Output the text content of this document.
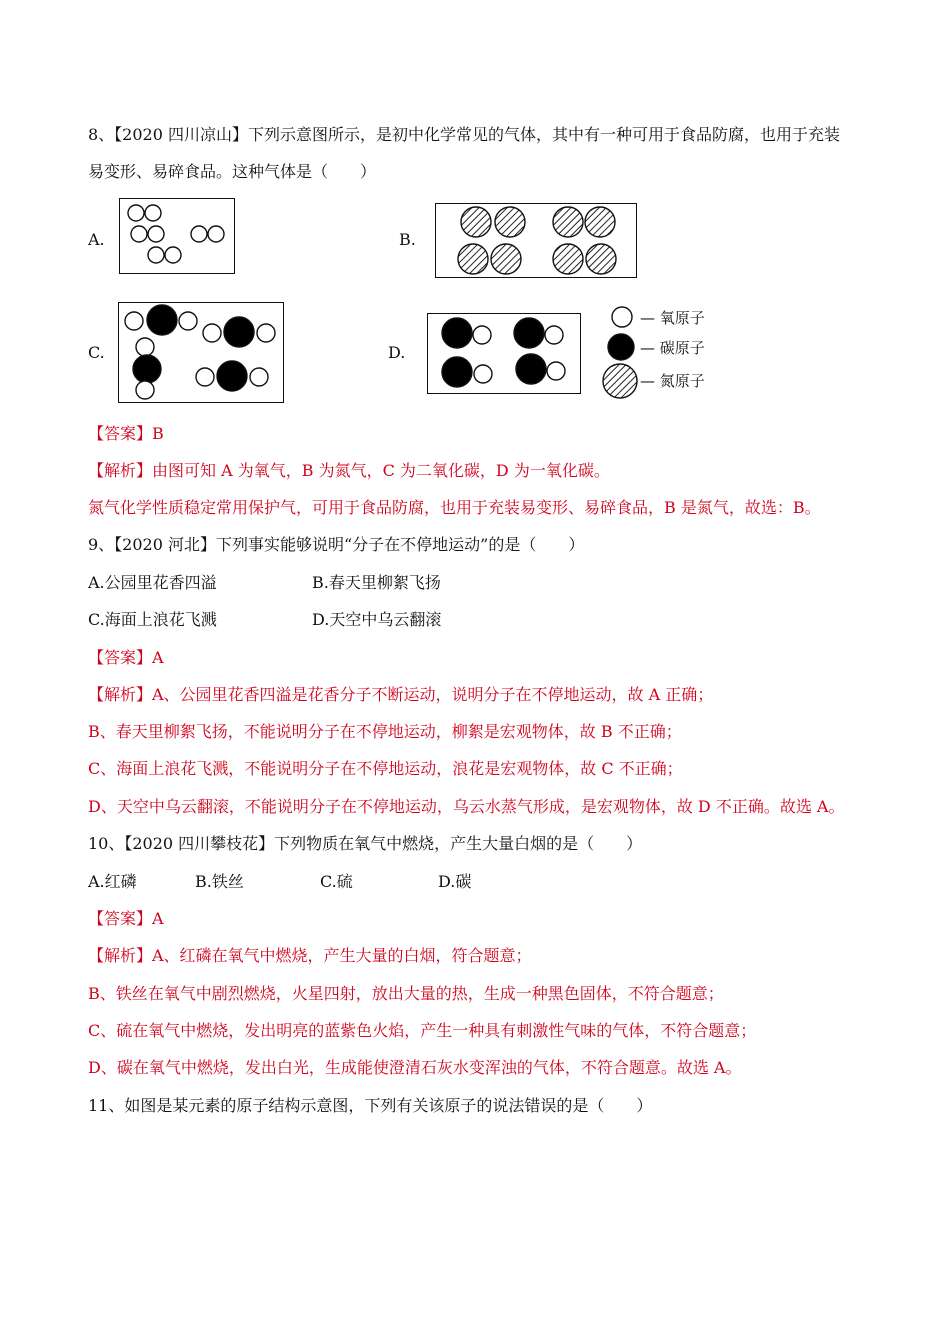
8、【2020 四川凉山】下列示意图所示，是初中化学常见的气体，其中有一种可用于食品防腐，也用于充装
易变形、易碎食品。这种气体是（　　）
A.	B.
C.	D.
— 氧原子
— 碳原子
— 氮原子
【答案】B
【解析】由图可知 A 为氧气，B 为氮气，C 为二氧化碳，D 为一氧化碳。
氮气化学性质稳定常用保护气，可用于食品防腐，也用于充装易变形、易碎食品，B 是氮气，故选：B。
9、【2020 河北】下列事实能够说明“分子在不停地运动”的是（　　）
A.公园里花香四溢	B.春天里柳絮飞扬
C.海面上浪花飞溅	D.天空中乌云翻滚
【答案】A
【解析】A、公园里花香四溢是花香分子不断运动，说明分子在不停地运动，故 A 正确；
B、春天里柳絮飞扬，不能说明分子在不停地运动，柳絮是宏观物体，故 B 不正确；
C、海面上浪花飞溅，不能说明分子在不停地运动，浪花是宏观物体，故 C 不正确；
D、天空中乌云翻滚，不能说明分子在不停地运动，乌云水蒸气形成，是宏观物体，故 D 不正确。故选 A。
10、【2020 四川攀枝花】下列物质在氧气中燃烧，产生大量白烟的是（　　）
A.红磷	B.铁丝	C.硫	D.碳
【答案】A
【解析】A、红磷在氧气中燃烧，产生大量的白烟，符合题意；
B、铁丝在氧气中剧烈燃烧，火星四射，放出大量的热，生成一种黑色固体，不符合题意；
C、硫在氧气中燃烧，发出明亮的蓝紫色火焰，产生一种具有刺激性气味的气体，不符合题意；
D、碳在氧气中燃烧，发出白光，生成能使澄清石灰水变浑浊的气体，不符合题意。故选 A。
11、如图是某元素的原子结构示意图，下列有关该原子的说法错误的是（　　）
